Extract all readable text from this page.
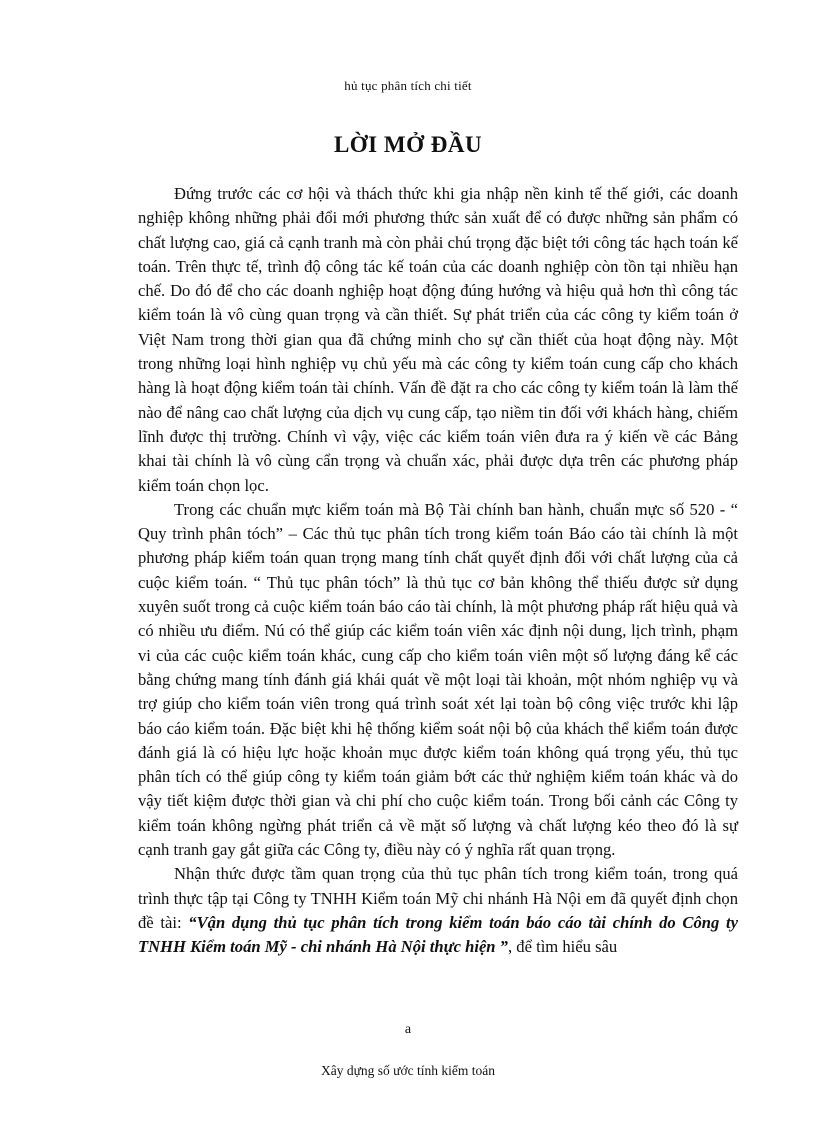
hủ tục phân tích chi tiết
LỜI MỞ ĐẦU

Đứng trước các cơ hội và thách thức khi gia nhập nền kinh tế thế giới, các doanh nghiệp không những phải đổi mới phương thức sản xuất để có được những sản phẩm có chất lượng cao, giá cả cạnh tranh mà còn phải chú trọng đặc biệt tới công tác hạch toán kế toán. Trên thực tế, trình độ công tác kế toán của các doanh nghiệp còn tồn tại nhiều hạn chế. Do đó để cho các doanh nghiệp hoạt động đúng hướng và hiệu quả hơn thì công tác kiểm toán là vô cùng quan trọng và cần thiết. Sự phát triển của các công ty kiểm toán ở Việt Nam trong thời gian qua đã chứng minh cho sự cần thiết của hoạt động này. Một trong những loại hình nghiệp vụ chủ yếu mà các công ty kiểm toán cung cấp cho khách hàng là hoạt động kiểm toán tài chính. Vấn đề đặt ra cho các công ty kiểm toán là làm thế nào để nâng cao chất lượng của dịch vụ cung cấp, tạo niềm tin đối với khách hàng, chiếm lĩnh được thị trường. Chính vì vậy, việc các kiểm toán viên đưa ra ý kiến về các Bảng khai tài chính là vô cùng cẩn trọng và chuẩn xác, phải được dựa trên các phương pháp kiểm toán chọn lọc.

Trong các chuẩn mực kiểm toán mà Bộ Tài chính ban hành, chuẩn mực số 520 - “ Quy trình phân tóch” – Các thủ tục phân tích trong kiểm toán Báo cáo tài chính là một phương pháp kiểm toán quan trọng mang tính chất quyết định đối với chất lượng của cả cuộc kiểm toán. “ Thủ tục phân tóch” là thủ tục cơ bản không thể thiếu được sử dụng xuyên suốt trong cả cuộc kiểm toán báo cáo tài chính, là một phương pháp rất hiệu quả và có nhiều ưu điểm. Nú có thể giúp các kiểm toán viên xác định nội dung, lịch trình, phạm vi của các cuộc kiểm toán khác, cung cấp cho kiểm toán viên một số lượng đáng kể các bằng chứng mang tính đánh giá khái quát về một loại tài khoản, một nhóm nghiệp vụ và trợ giúp cho kiểm toán viên trong quá trình soát xét lại toàn bộ công việc trước khi lập báo cáo kiểm toán. Đặc biệt khi hệ thống kiểm soát nội bộ của khách thể kiểm toán được đánh giá là có hiệu lực hoặc khoản mục được kiểm toán không quá trọng yếu, thủ tục phân tích có thể giúp công ty kiểm toán giảm bớt các thử nghiệm kiểm toán khác và do vậy tiết kiệm được thời gian và chi phí cho cuộc kiểm toán. Trong bối cảnh các Công ty kiểm toán không ngừng phát triển cả về mặt số lượng và chất lượng kéo theo đó là sự cạnh tranh gay gắt giữa các Công ty, điều này có ý nghĩa rất quan trọng.

Nhận thức được tầm quan trọng của thủ tục phân tích trong kiểm toán, trong quá trình thực tập tại Công ty TNHH Kiểm toán Mỹ chi nhánh Hà Nội em đã quyết định chọn đề tài: “Vận dụng thủ tục phân tích trong kiểm toán báo cáo tài chính do Công ty TNHH Kiểm toán Mỹ - chi nhánh Hà Nội thực hiện ”, để tìm hiểu sâu

a
Xây dựng số ước tính kiểm toán
